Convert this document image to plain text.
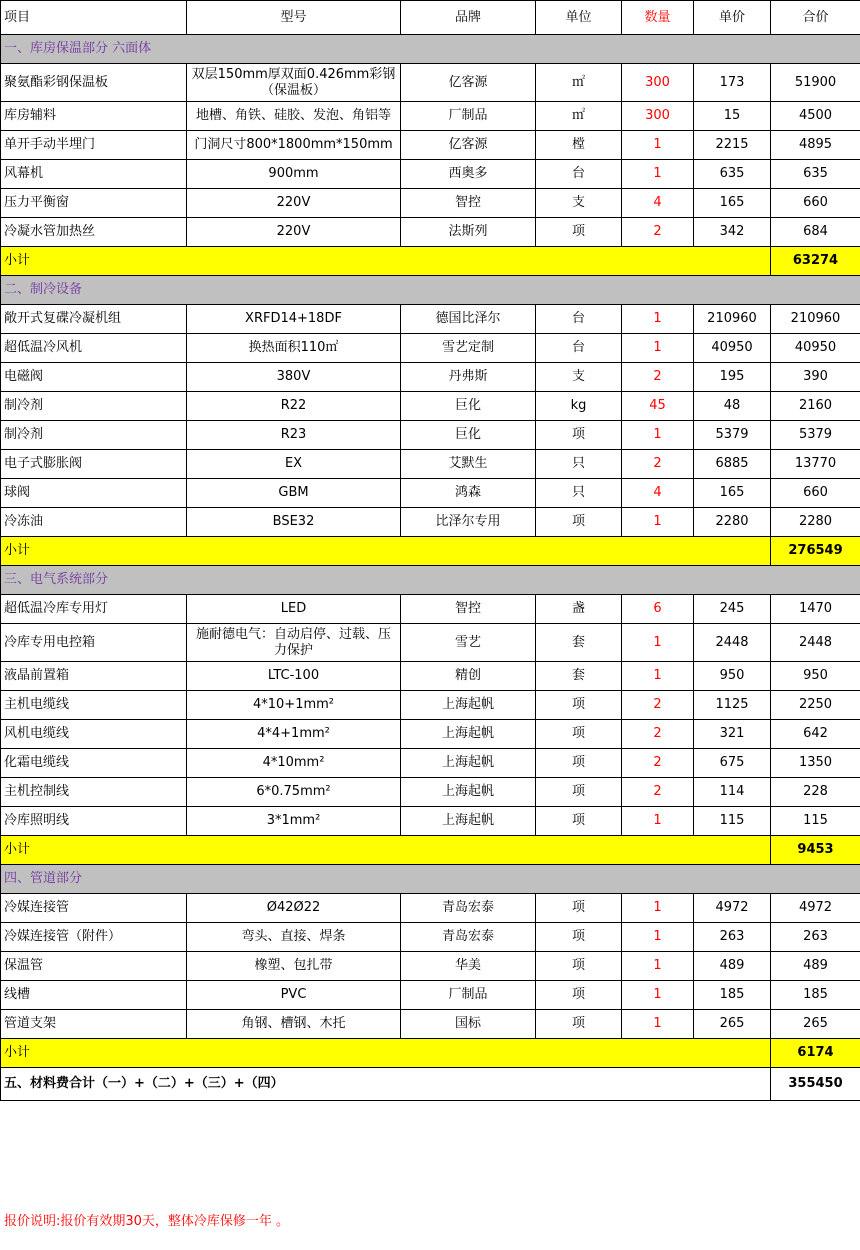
项目	型号	品牌	单位	数量	单价	合价
一、库房保温部分 六面体						
聚氨酯彩钢保温板	双层150mm厚双面0.426mm彩钢（保温板）	亿客源	㎡	300	173	51900
库房辅料	地槽、角铁、硅胶、发泡、角铝等	厂制品	㎡	300	15	4500
单开手动半埋门	门洞尺寸800*1800mm*150mm	亿客源	樘	1	2215	4895
风幕机	900mm	西奥多	台	1	635	635
压力平衡窗	220V	智控	支	4	165	660
冷凝水管加热丝	220V	法斯列	项	2	342	684
小计						63274
二、制冷设备						
敞开式复碟冷凝机组	XRFD14+18DF	德国比泽尔	台	1	210960	210960
超低温冷风机	换热面积110㎡	雪艺定制	台	1	40950	40950
电磁阀	380V	丹弗斯	支	2	195	390
制冷剂	R22	巨化	kg	45	48	2160
制冷剂	R23	巨化	项	1	5379	5379
电子式膨胀阀	EX	艾默生	只	2	6885	13770
球阀	GBM	鸿森	只	4	165	660
冷冻油	BSE32	比泽尔专用	项	1	2280	2280
小计						276549
三、电气系统部分						
超低温冷库专用灯	LED	智控	盏	6	245	1470
冷库专用电控箱	施耐德电气：自动启停、过载、压力保护	雪艺	套	1	2448	2448
液晶前置箱	LTC-100	精创	套	1	950	950
主机电缆线	4*10+1mm²	上海起帆	项	2	1125	2250
风机电缆线	4*4+1mm²	上海起帆	项	2	321	642
化霜电缆线	4*10mm²	上海起帆	项	2	675	1350
主机控制线	6*0.75mm²	上海起帆	项	2	114	228
冷库照明线	3*1mm²	上海起帆	项	1	115	115
小计						9453
四、管道部分						
冷媒连接管	Ø42Ø22	青岛宏泰	项	1	4972	4972
冷媒连接管（附件）	弯头、直接、焊条	青岛宏泰	项	1	263	263
保温管	橡塑、包扎带	华美	项	1	489	489
线槽	PVC	厂制品	项	1	185	185
管道支架	角钢、槽钢、木托	国标	项	1	265	265
小计						6174
五、材料费合计（一）+（二）+（三）+（四）						355450
报价说明:报价有效期30天，整体冷库保修一年 。
